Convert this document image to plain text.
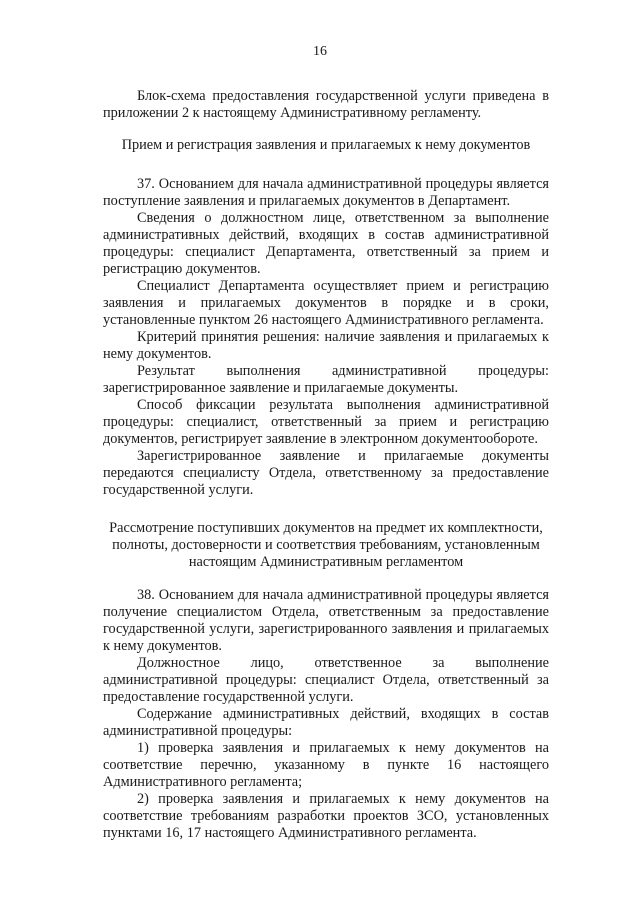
16

Блок-схема предоставления государственной услуги приведена в приложении 2 к настоящему Административному регламенту.

Прием и регистрация заявления и прилагаемых к нему документов

37. Основанием для начала административной процедуры является поступление заявления и прилагаемых документов в Департамент.

Сведения о должностном лице, ответственном за выполнение административных действий, входящих в состав административной процедуры: специалист Департамента, ответственный за прием и регистрацию документов.

Специалист Департамента осуществляет прием и регистрацию заявления и прилагаемых документов в порядке и в сроки, установленные пунктом 26 настоящего Административного регламента.

Критерий принятия решения: наличие заявления и прилагаемых к нему документов.

Результат выполнения административной процедуры: зарегистрированное заявление и прилагаемые документы.

Способ фиксации результата выполнения административной процедуры: специалист, ответственный за прием и регистрацию документов, регистрирует заявление в электронном документообороте.

Зарегистрированное заявление и прилагаемые документы передаются специалисту Отдела, ответственному за предоставление государственной услуги.

Рассмотрение поступивших документов на предмет их комплектности,

полноты, достоверности и соответствия требованиям, установленным

настоящим Административным регламентом

38. Основанием для начала административной процедуры является получение специалистом Отдела, ответственным за предоставление государственной услуги, зарегистрированного заявления и прилагаемых к нему документов.

Должностное лицо, ответственное за выполнение административной процедуры: специалист Отдела, ответственный за предоставление государственной услуги.

Содержание административных действий, входящих в состав административной процедуры:

1) проверка заявления и прилагаемых к нему документов на соответствие перечню, указанному в пункте 16 настоящего Административного регламента;

2) проверка заявления и прилагаемых к нему документов на соответствие требованиям разработки проектов ЗСО, установленных пунктами 16, 17 настоящего Административного регламента.
